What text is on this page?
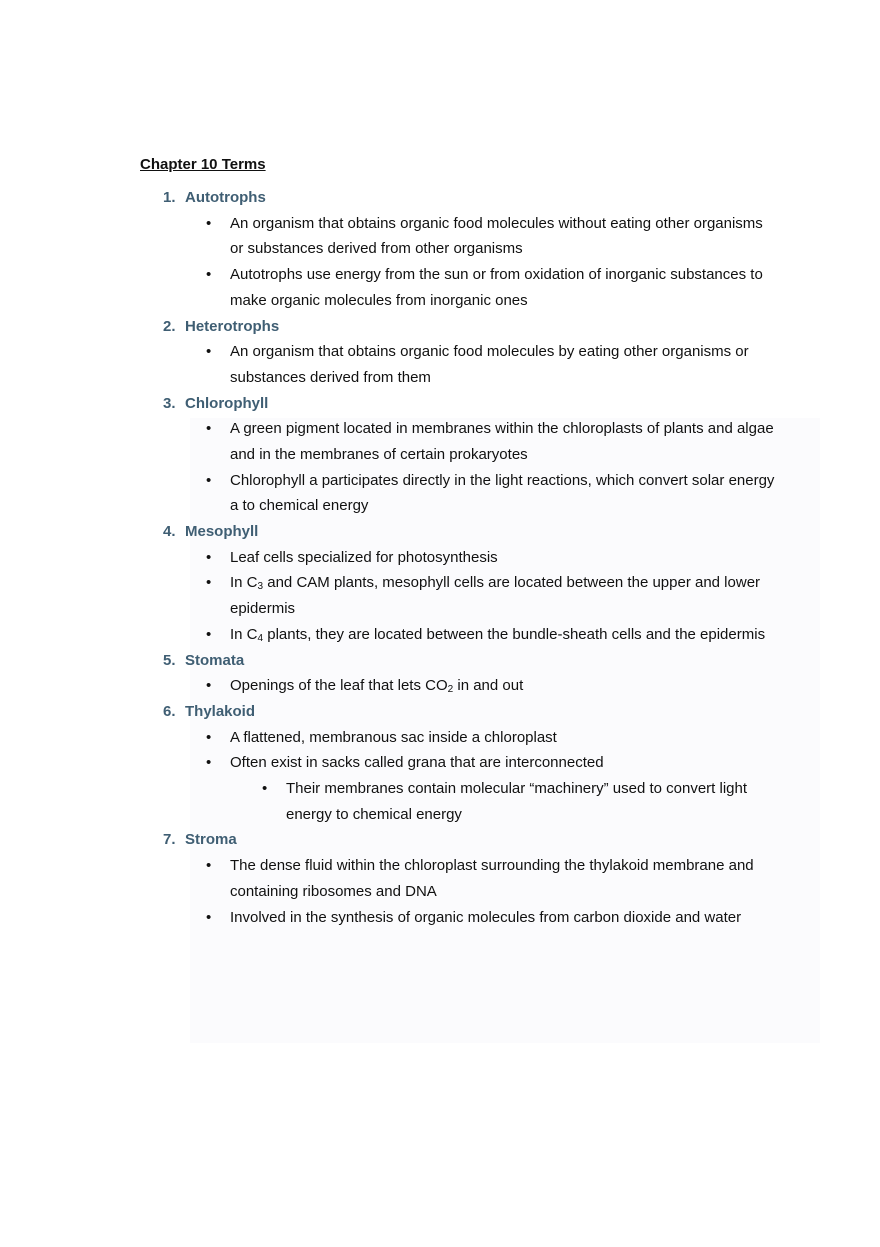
Chapter 10 Terms
1. Autotrophs
• An organism that obtains organic food molecules without eating other organisms or substances derived from other organisms
• Autotrophs use energy from the sun or from oxidation of inorganic substances to make organic molecules from inorganic ones
2. Heterotrophs
• An organism that obtains organic food molecules by eating other organisms or substances derived from them
3. Chlorophyll
• A green pigment located in membranes within the chloroplasts of plants and algae and in the membranes of certain prokaryotes
• Chlorophyll a participates directly in the light reactions, which convert solar energy a to chemical energy
4. Mesophyll
• Leaf cells specialized for photosynthesis
• In $C_3$ and CAM plants, mesophyll cells are located between the upper and lower epidermis
• In $C_4$ plants, they are located between the bundle-sheath cells and the epidermis
5. Stomata
• Openings of the leaf that lets $CO_2$ in and out
6. Thylakoid
• A flattened, membranous sac inside a chloroplast
• Often exist in sacks called grana that are interconnected
• Their membranes contain molecular “machinery” used to convert light energy to chemical energy
7. Stroma
• The dense fluid within the chloroplast surrounding the thylakoid membrane and containing ribosomes and DNA
• Involved in the synthesis of organic molecules from carbon dioxide and water
